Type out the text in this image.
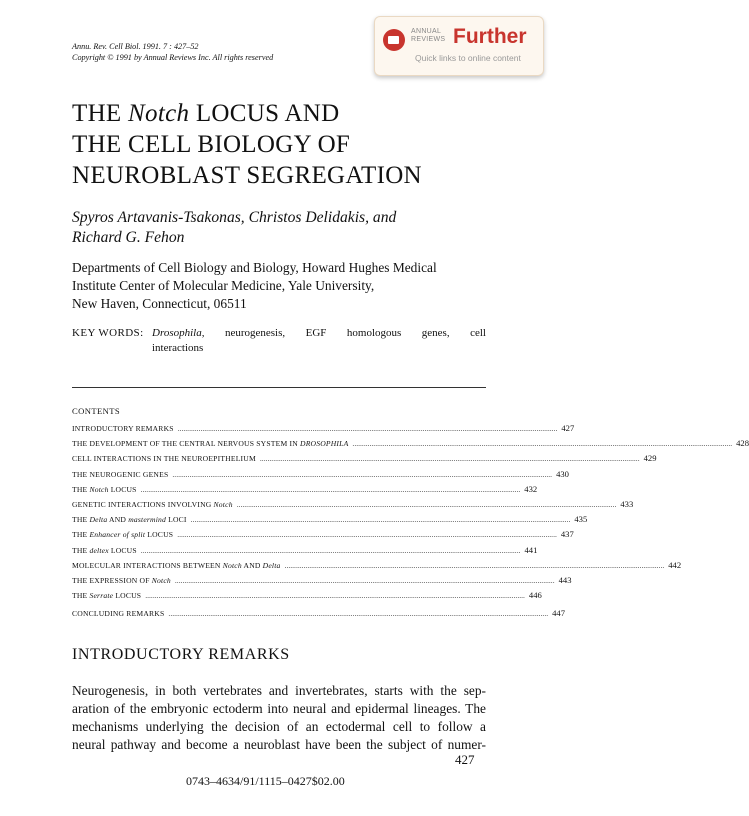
Annu. Rev. Cell Biol. 1991. 7 : 427–52
Copyright © 1991 by Annual Reviews Inc. All rights reserved
ANNUAL
REVIEWS Further
Quick links to online content
THE Notch LOCUS AND
THE CELL BIOLOGY OF
NEUROBLAST SEGREGATION
Spyros Artavanis-Tsakonas, Christos Delidakis, and
Richard G. Fehon
Departments of Cell Biology and Biology, Howard Hughes Medical
Institute Center of Molecular Medicine, Yale University,
New Haven, Connecticut, 06511
KEY WORDS: Drosophila, neurogenesis, EGF homologous genes, cell
interactions
CONTENTS
INTRODUCTORY REMARKS ........................................................................................................................................................................................................ 427
THE DEVELOPMENT OF THE CENTRAL NERVOUS SYSTEM IN DROSOPHILA ........................................................................................................................................................................................................ 428
CELL INTERACTIONS IN THE NEUROEPITHELIUM ........................................................................................................................................................................................................ 429
THE NEUROGENIC GENES ........................................................................................................................................................................................................ 430
THE Notch LOCUS ........................................................................................................................................................................................................ 432
GENETIC INTERACTIONS INVOLVING Notch ........................................................................................................................................................................................................ 433
THE Delta AND mastermind LOCI ........................................................................................................................................................................................................ 435
THE Enhancer of split LOCUS ........................................................................................................................................................................................................ 437
THE deltex LOCUS ........................................................................................................................................................................................................ 441
MOLECULAR INTERACTIONS BETWEEN Notch AND Delta ........................................................................................................................................................................................................ 442
THE EXPRESSION OF Notch ........................................................................................................................................................................................................ 443
THE Serrate LOCUS ........................................................................................................................................................................................................ 446
CONCLUDING REMARKS ........................................................................................................................................................................................................ 447
INTRODUCTORY REMARKS
Neurogenesis, in both vertebrates and invertebrates, starts with the sep-
aration of the embryonic ectoderm into neural and epidermal lineages. The
mechanisms underlying the decision of an ectodermal cell to follow a
neural pathway and become a neuroblast have been the subject of numer-
427
0743–4634/91/1115–0427$02.00
